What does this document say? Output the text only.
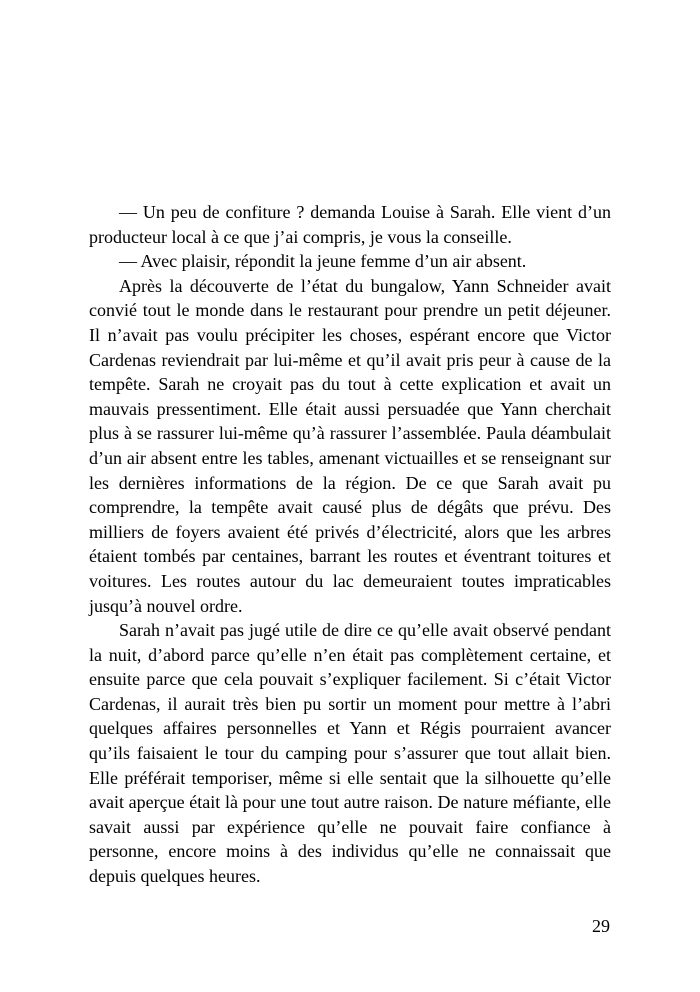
— Un peu de confiture ? demanda Louise à Sarah. Elle vient d’un producteur local à ce que j’ai compris, je vous la conseille.

— Avec plaisir, répondit la jeune femme d’un air absent.

Après la découverte de l’état du bungalow, Yann Schneider avait convié tout le monde dans le restaurant pour prendre un petit déjeuner. Il n’avait pas voulu précipiter les choses, espérant encore que Victor Cardenas reviendrait par lui-même et qu’il avait pris peur à cause de la tempête. Sarah ne croyait pas du tout à cette explication et avait un mauvais pressentiment. Elle était aussi persuadée que Yann cherchait plus à se rassurer lui-même qu’à rassurer l’assemblée. Paula déambulait d’un air absent entre les tables, amenant victuailles et se renseignant sur les dernières informations de la région. De ce que Sarah avait pu comprendre, la tempête avait causé plus de dégâts que prévu. Des milliers de foyers avaient été privés d’électricité, alors que les arbres étaient tombés par centaines, barrant les routes et éventrant toitures et voitures. Les routes autour du lac demeuraient toutes impraticables jusqu’à nouvel ordre.

Sarah n’avait pas jugé utile de dire ce qu’elle avait observé pendant la nuit, d’abord parce qu’elle n’en était pas complètement certaine, et ensuite parce que cela pouvait s’expliquer facilement. Si c’était Victor Cardenas, il aurait très bien pu sortir un moment pour mettre à l’abri quelques affaires personnelles et Yann et Régis pourraient avancer qu’ils faisaient le tour du camping pour s’assurer que tout allait bien. Elle préférait temporiser, même si elle sentait que la silhouette qu’elle avait aperçue était là pour une tout autre raison. De nature méfiante, elle savait aussi par expérience qu’elle ne pouvait faire confiance à personne, encore moins à des individus qu’elle ne connaissait que depuis quelques heures.

29
